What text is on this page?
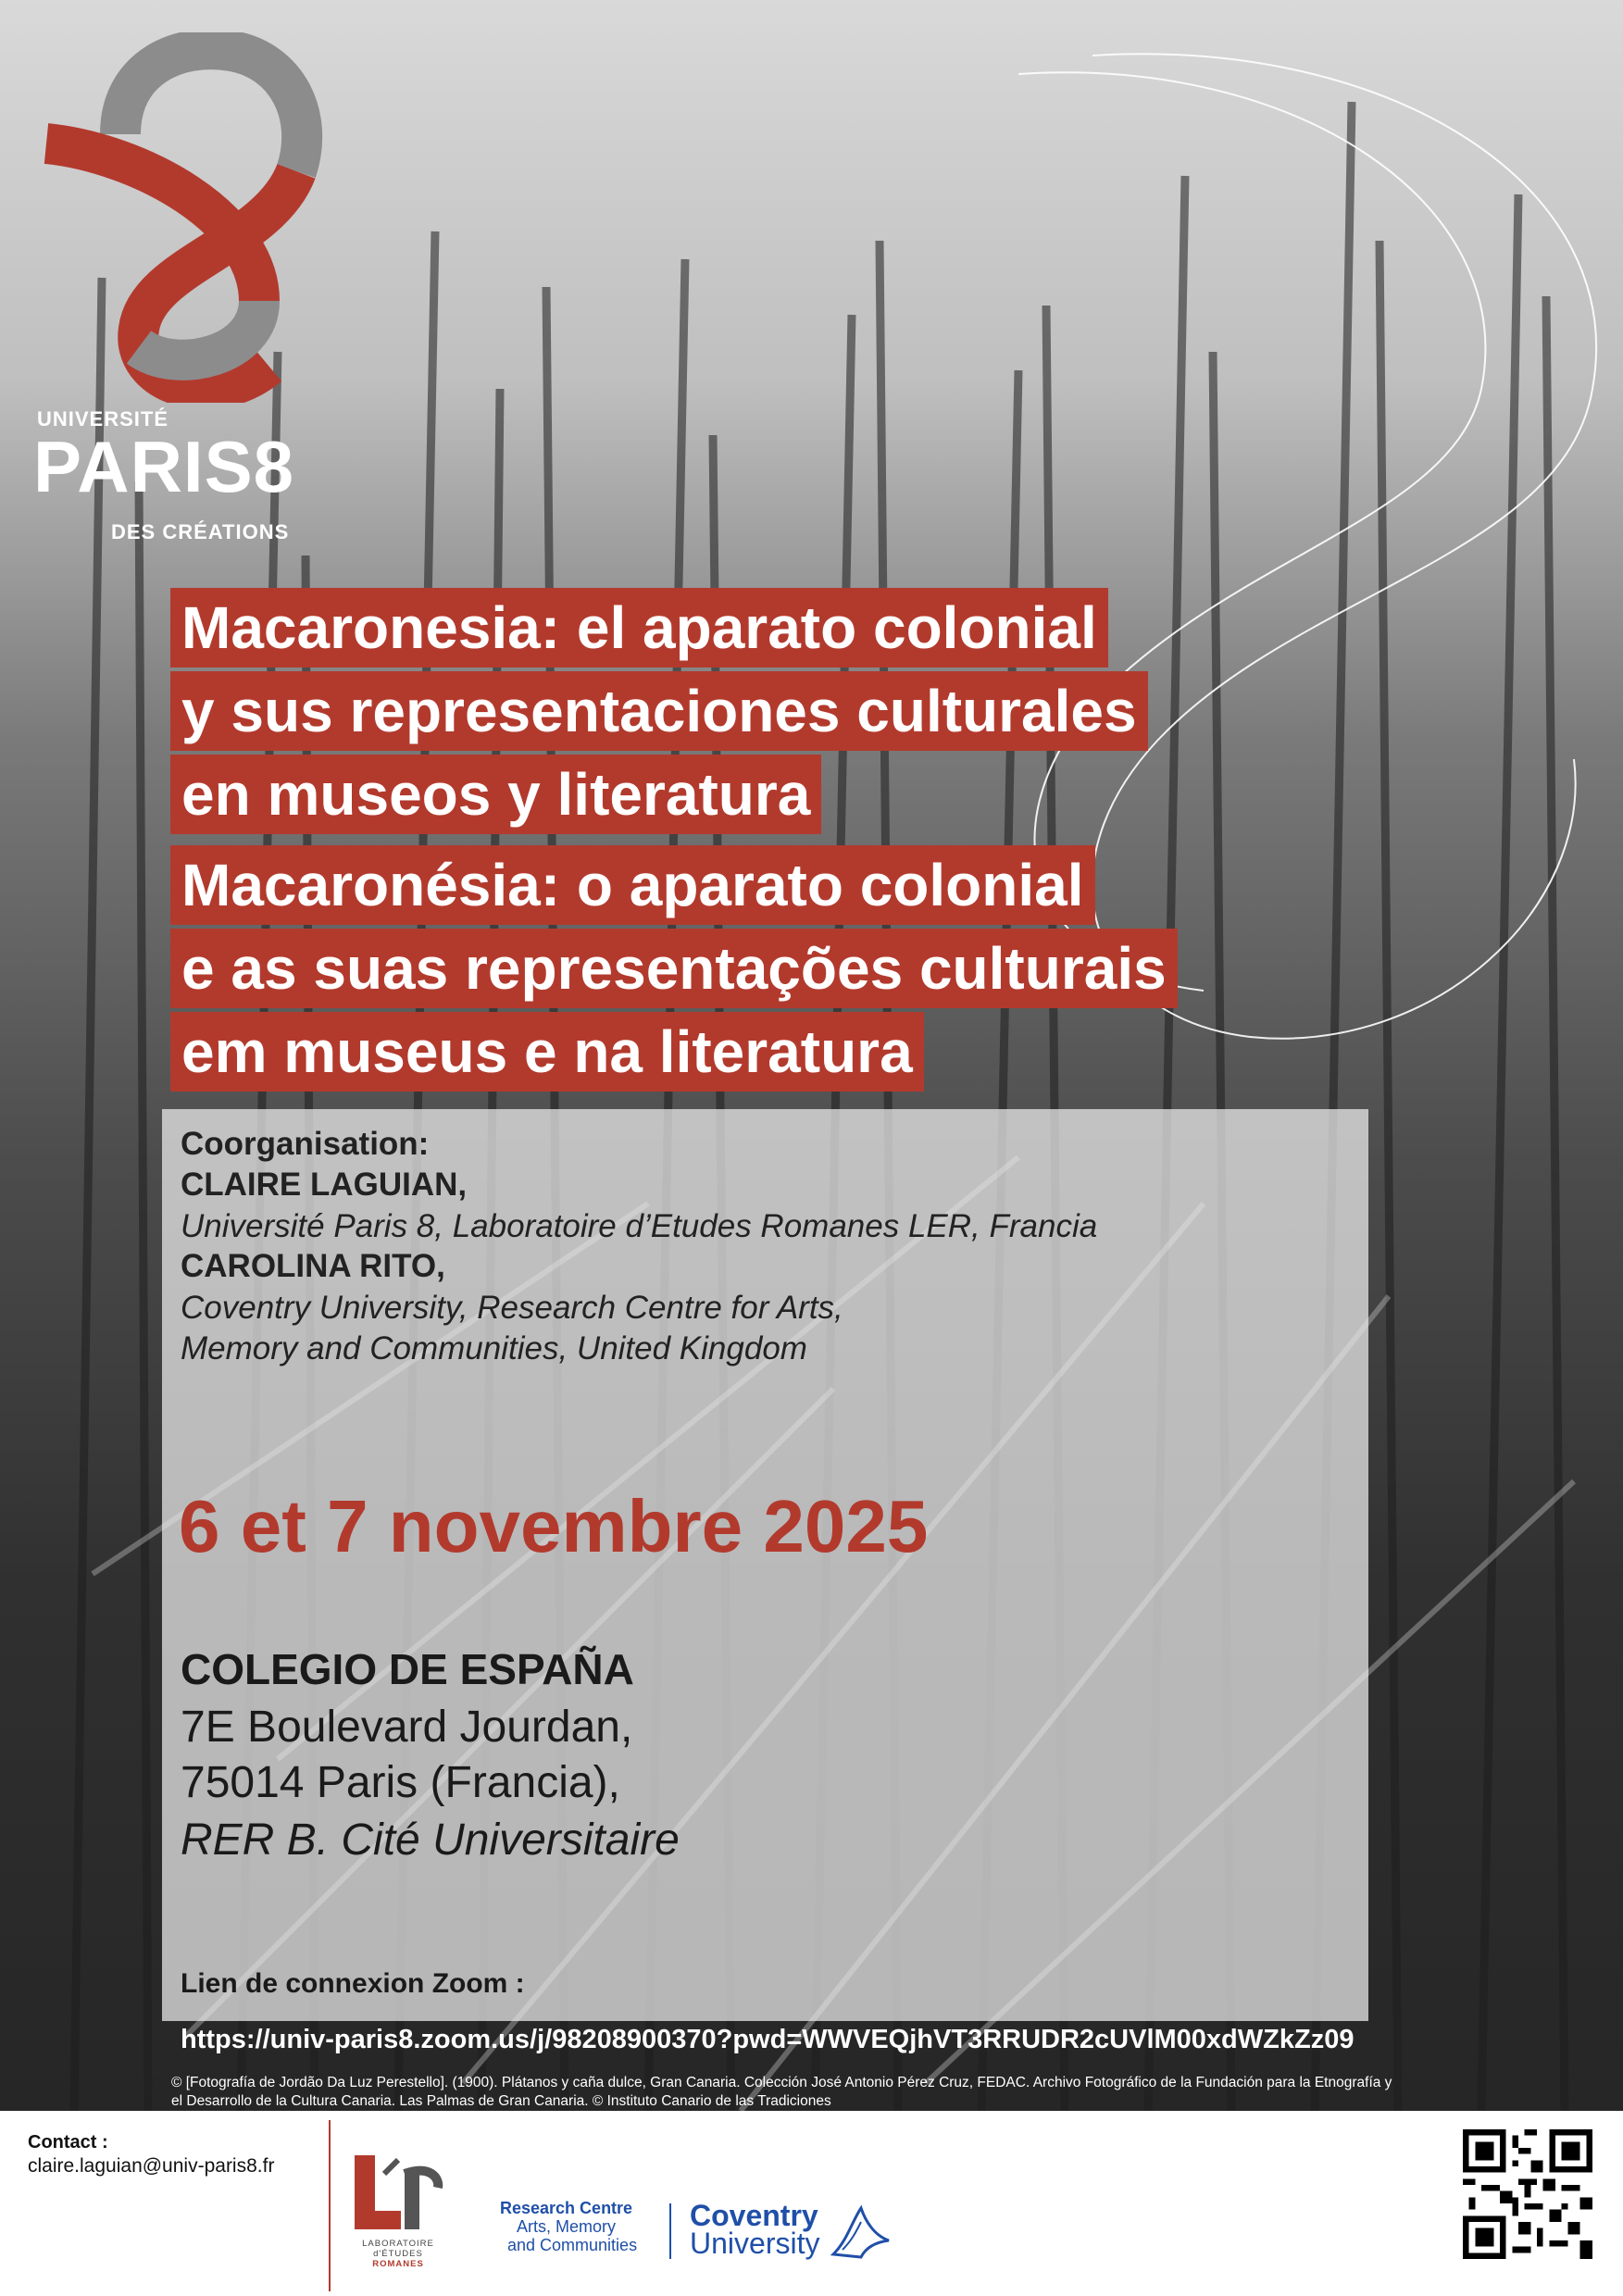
UNIVERSITÉ
PARIS8
DES CRÉATIONS
Macaronesia: el aparato colonial
y sus representaciones culturales
en museos y literatura
Macaronésia: o aparato colonial
e as suas representações culturais
em museus e na literatura
Coorganisation:
CLAIRE LAGUIAN,
Université Paris 8, Laboratoire d’Etudes Romanes LER, Francia
CAROLINA RITO,
Coventry University, Research Centre for Arts,
Memory and Communities, United Kingdom
6 et 7 novembre 2025
COLEGIO DE ESPAÑA
7E Boulevard Jourdan,
75014 Paris (Francia),
RER B. Cité Universitaire
Lien de connexion Zoom :
https://univ-paris8.zoom.us/j/98208900370?pwd=WWVEQjhVT3RRUDR2cUVlM00xdWZkZz09
© [Fotografía de Jordão Da Luz Perestello]. (1900). Plátanos y caña dulce, Gran Canaria. Colección José Antonio Pérez Cruz, FEDAC. Archivo Fotográfico de la Fundación para la Etnografía y el Desarrollo de la Cultura Canaria. Las Palmas de Gran Canaria. © Instituto Canario de las Tradiciones
Contact :
claire.laguian@univ-paris8.fr
LABORATOIRE
d'ÉTUDES
ROMANES
Research Centre
Arts, Memory
and Communities
Coventry
University
